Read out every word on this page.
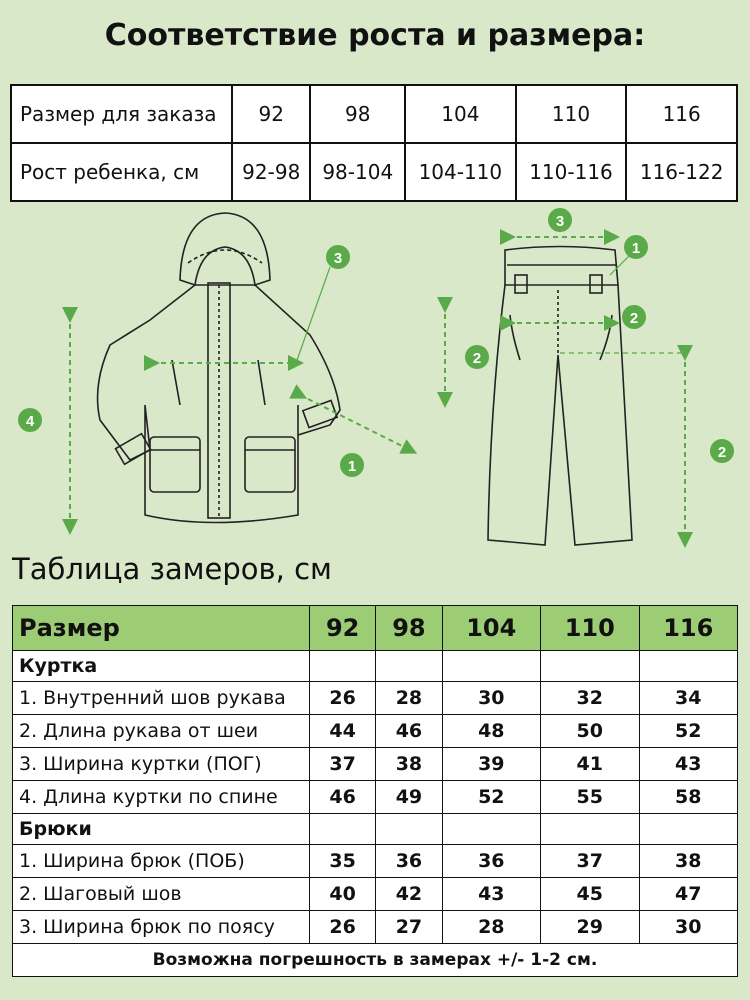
Соответствие роста и размера:
Размер для заказа	92	98	104	110	116
Рост ребенка, см	92-98	98-104	104-110	110-116	116-122
4
3
2
1
3
1
2
2
Таблица замеров, см
Размер	92	98	104	110	116
Куртка					
1. Внутренний шов рукава	26	28	30	32	34
2. Длина рукава от шеи	44	46	48	50	52
3. Ширина куртки (ПОГ)	37	38	39	41	43
4. Длина куртки по спине	46	49	52	55	58
Брюки					
1. Ширина брюк (ПОБ)	35	36	36	37	38
2. Шаговый шов	40	42	43	45	47
3. Ширина брюк по поясу	26	27	28	29	30
Возможна погрешность в замерах +/- 1-2 см.					
